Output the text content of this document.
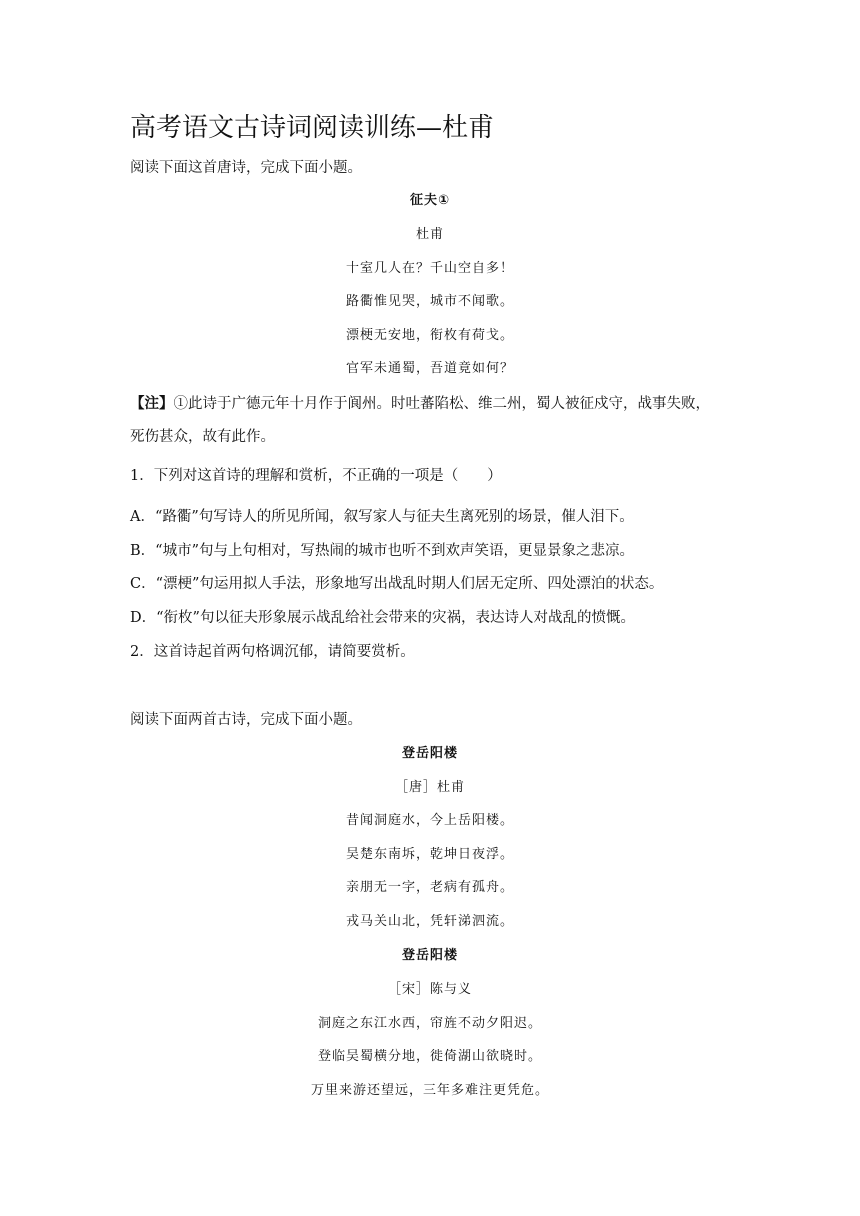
高考语文古诗词阅读训练—杜甫
阅读下面这首唐诗，完成下面小题。
征夫①
杜甫
十室几人在？千山空自多！
路衢惟见哭，城市不闻歌。
漂梗无安地，衔枚有荷戈。
官军未通蜀，吾道竟如何？
【注】①此诗于广德元年十月作于阆州。时吐蕃陷松、维二州，蜀人被征戍守，战事失败，
死伤甚众，故有此作。
1．下列对这首诗的理解和赏析，不正确的一项是（　　）
A．“路衢”句写诗人的所见所闻，叙写家人与征夫生离死别的场景，催人泪下。
B．“城市”句与上句相对，写热闹的城市也听不到欢声笑语，更显景象之悲凉。
C．“漂梗”句运用拟人手法，形象地写出战乱时期人们居无定所、四处漂泊的状态。
D．“衔枚”句以征夫形象展示战乱给社会带来的灾祸，表达诗人对战乱的愤慨。
2．这首诗起首两句格调沉郁，请简要赏析。
阅读下面两首古诗，完成下面小题。
登岳阳楼
［唐］杜甫
昔闻洞庭水，今上岳阳楼。
吴楚东南坼，乾坤日夜浮。
亲朋无一字，老病有孤舟。
戎马关山北，凭轩涕泗流。
登岳阳楼
［宋］陈与义
洞庭之东江水西，帘旌不动夕阳迟。
登临吴蜀横分地，徙倚湖山欲晓时。
万里来游还望远，三年多难注更凭危。
